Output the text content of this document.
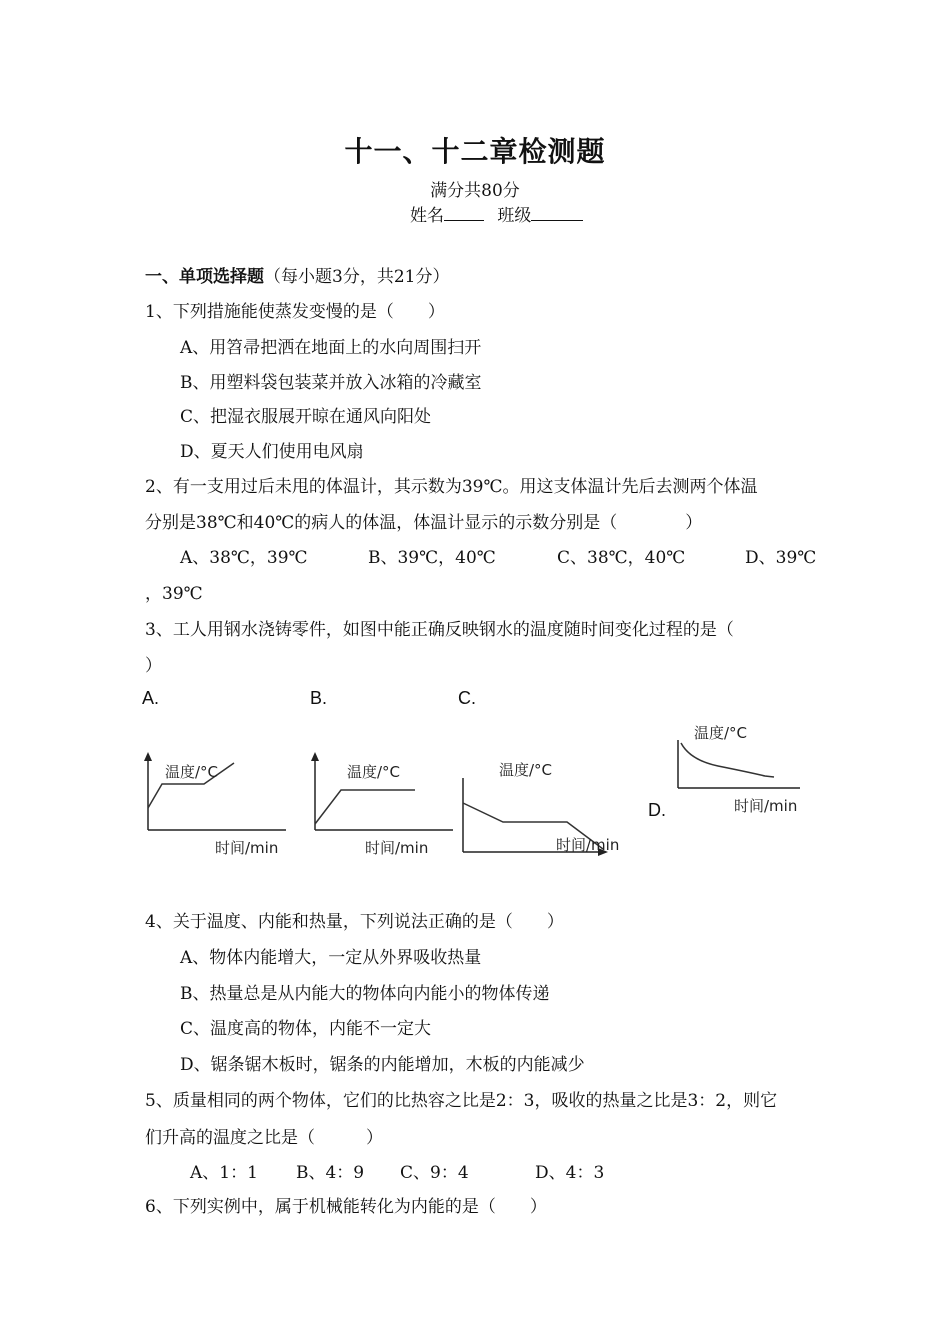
十一、十二章检测题
满分共80分
姓名	班级
一、单项选择题（每小题3分，共21分）
1、下列措施能使蒸发变慢的是（　　）
A、用笤帚把洒在地面上的水向周围扫开
B、用塑料袋包装菜并放入冰箱的冷藏室
C、把湿衣服展开晾在通风向阳处
D、夏天人们使用电风扇
2、有一支用过后未甩的体温计，其示数为39℃。用这支体温计先后去测两个体温
分别是38℃和40℃的病人的体温，体温计显示的示数分别是（　　　　）
A、38℃，39℃	B、39℃，40℃	C、38℃，40℃	D、39℃
，39℃
3、工人用钢水浇铸零件，如图中能正确反映钢水的温度随时间变化过程的是（
）
A.	B.	C.
D.
温度/°C
时间/min
温度/°C
时间/min
温度/°C
时间/min
温度/°C
时间/min
4、关于温度、内能和热量，下列说法正确的是（　　）
A、物体内能增大，一定从外界吸收热量
B、热量总是从内能大的物体向内能小的物体传递
C、温度高的物体，内能不一定大
D、锯条锯木板时，锯条的内能增加，木板的内能减少
5、质量相同的两个物体，它们的比热容之比是2：3，吸收的热量之比是3：2，则它
们升高的温度之比是（　　　）
A、1：1 B、4：9 C、9：4	D、4：3
6、下列实例中，属于机械能转化为内能的是（　　）
